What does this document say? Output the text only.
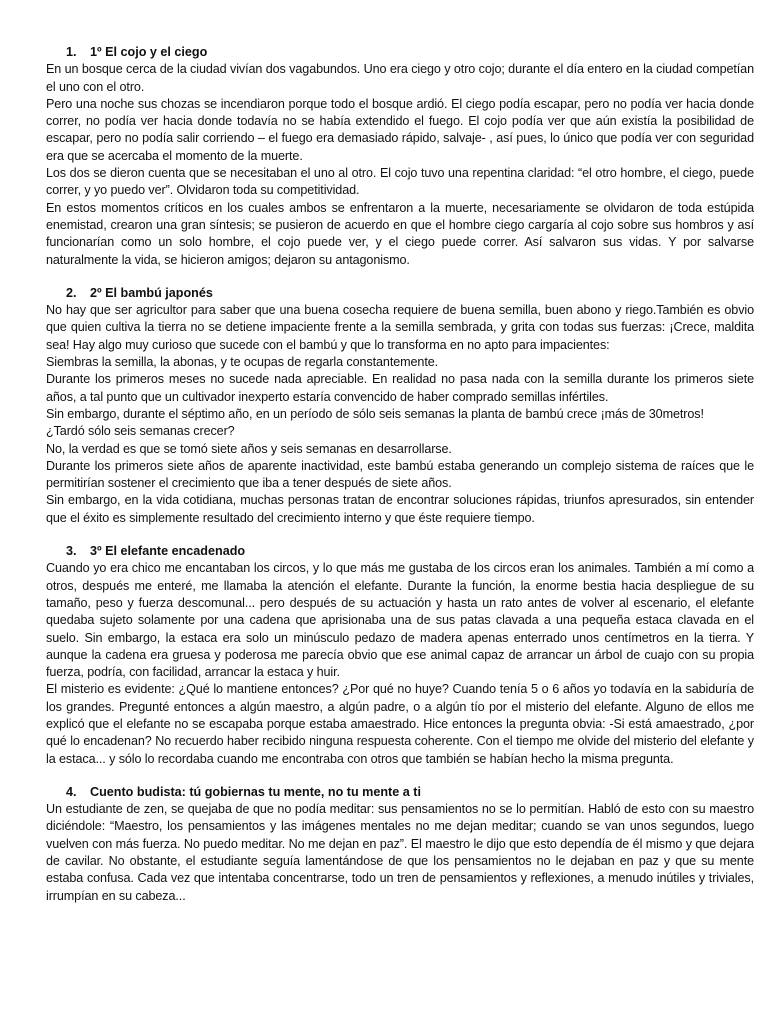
1.	1º El cojo y el ciego

En un bosque cerca de la ciudad vivían dos vagabundos. Uno era ciego y otro cojo; durante el día entero en la ciudad competían el uno con el otro.

Pero una noche sus chozas se incendiaron porque todo el bosque ardió. El ciego podía escapar, pero no podía ver hacia donde correr, no podía ver hacia donde todavía no se había extendido el fuego. El cojo podía ver que aún existía la posibilidad de escapar, pero no podía salir corriendo – el fuego era demasiado rápido, salvaje- , así pues, lo único que podía ver con seguridad era que se acercaba el momento de la muerte.

Los dos se dieron cuenta que se necesitaban el uno al otro. El cojo tuvo una repentina claridad: “el otro hombre, el ciego, puede correr, y yo puedo ver”. Olvidaron toda su competitividad.

En estos momentos críticos en los cuales ambos se enfrentaron a la muerte, necesariamente se olvidaron de toda estúpida enemistad, crearon una gran síntesis; se pusieron de acuerdo en que el hombre ciego cargaría al cojo sobre sus hombros y así funcionarían como un solo hombre, el cojo puede ver, y el ciego puede correr. Así salvaron sus vidas. Y por salvarse naturalmente la vida, se hicieron amigos; dejaron su antagonismo.

2.	2º El bambú japonés

No hay que ser agricultor para saber que una buena cosecha requiere de buena semilla, buen abono y riego.También es obvio que quien cultiva la tierra no se detiene impaciente frente a la semilla sembrada, y grita con todas sus fuerzas: ¡Crece, maldita sea! Hay algo muy curioso que sucede con el bambú y que lo transforma en no apto para impacientes:

Siembras la semilla, la abonas, y te ocupas de regarla constantemente.

Durante los primeros meses no sucede nada apreciable. En realidad no pasa nada con la semilla durante los primeros siete años, a tal punto que un cultivador inexperto estaría convencido de haber comprado semillas infértiles.

Sin embargo, durante el séptimo año, en un período de sólo seis semanas la planta de bambú crece ¡más de 30metros!

¿Tardó sólo seis semanas crecer?

No, la verdad es que se tomó siete años y seis semanas en desarrollarse.

Durante los primeros siete años de aparente inactividad, este bambú estaba generando un complejo sistema de raíces que le permitirían sostener el crecimiento que iba a tener después de siete años.

Sin embargo, en la vida cotidiana, muchas personas tratan de encontrar soluciones rápidas, triunfos apresurados, sin entender que el éxito es simplemente resultado del crecimiento interno y que éste requiere tiempo.

3.	3º El elefante encadenado

Cuando yo era chico me encantaban los circos, y lo que más me gustaba de los circos eran los animales. También a mí como a otros, después me enteré, me llamaba la atención el elefante. Durante la función, la enorme bestia hacia despliegue de su tamaño, peso y fuerza descomunal... pero después de su actuación y hasta un rato antes de volver al escenario, el elefante quedaba sujeto solamente por una cadena que aprisionaba una de sus patas clavada a una pequeña estaca clavada en el suelo. Sin embargo, la estaca era solo un minúsculo pedazo de madera apenas enterrado unos centímetros en la tierra. Y aunque la cadena era gruesa y poderosa me parecía obvio que ese animal capaz de arrancar un árbol de cuajo con su propia fuerza, podría, con facilidad, arrancar la estaca y huir.

El misterio es evidente: ¿Qué lo mantiene entonces? ¿Por qué no huye? Cuando tenía 5 o 6 años yo todavía en la sabiduría de los grandes. Pregunté entonces a algún maestro, a algún padre, o a algún tío por el misterio del elefante. Alguno de ellos me explicó que el elefante no se escapaba porque estaba amaestrado. Hice entonces la pregunta obvia: -Si está amaestrado, ¿por qué lo encadenan? No recuerdo haber recibido ninguna respuesta coherente. Con el tiempo me olvide del misterio del elefante y la estaca... y sólo lo recordaba cuando me encontraba con otros que también se habían hecho la misma pregunta.

4.	Cuento budista: tú gobiernas tu mente, no tu mente a ti

Un estudiante de zen, se quejaba de que no podía meditar: sus pensamientos no se lo permitían. Habló de esto con su maestro diciéndole: “Maestro, los pensamientos y las imágenes mentales no me dejan meditar; cuando se van unos segundos, luego vuelven con más fuerza. No puedo meditar. No me dejan en paz”. El maestro le dijo que esto dependía de él mismo y que dejara de cavilar. No obstante, el estudiante seguía lamentándose de que los pensamientos no le dejaban en paz y que su mente estaba confusa. Cada vez que intentaba concentrarse, todo un tren de pensamientos y reflexiones, a menudo inútiles y triviales, irrumpían en su cabeza...
